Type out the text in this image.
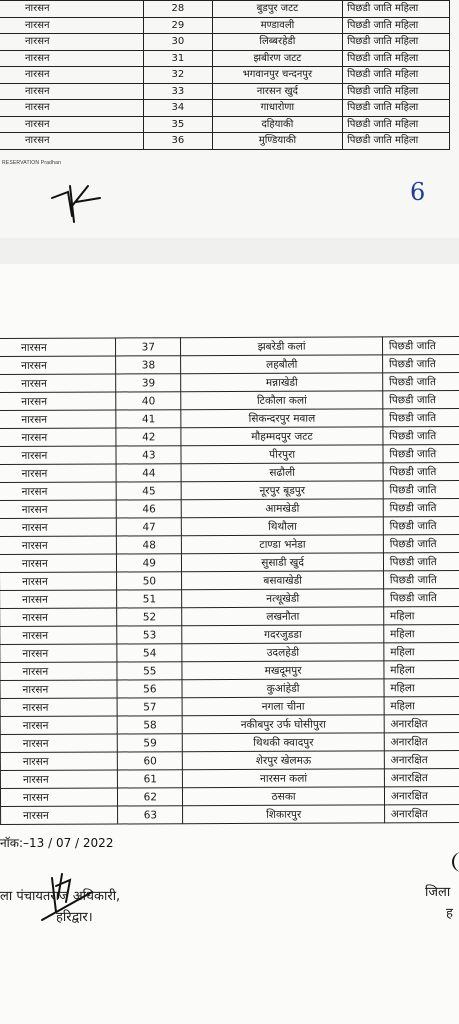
नारसन	28	बुडपुर जटट	पिछडी जाति महिला
नारसन	29	मण्डावली	पिछडी जाति महिला
नारसन	30	लिब्बरहेडी	पिछडी जाति महिला
नारसन	31	झबीरण जटट	पिछडी जाति महिला
नारसन	32	भगवानपुर चन्दनपुर	पिछडी जाति महिला
नारसन	33	नारसन खुर्द	पिछडी जाति महिला
नारसन	34	गाधारोणा	पिछडी जाति महिला
नारसन	35	दहियाकी	पिछडी जाति महिला
नारसन	36	मुण्डियाकी	पिछडी जाति महिला
RESERVATION Pradhan
6
नारसन	37	झबरेडी कलां	पिछडी जाति
नारसन	38	लहबौली	पिछडी जाति
नारसन	39	मन्नाखेडी	पिछडी जाति
नारसन	40	टिकौला कलां	पिछडी जाति
नारसन	41	सिकन्दरपुर मवाल	पिछडी जाति
नारसन	42	मौहम्मदपुर जटट	पिछडी जाति
नारसन	43	पीरपुरा	पिछडी जाति
नारसन	44	सढौली	पिछडी जाति
नारसन	45	नूरपुर बूडपुर	पिछडी जाति
नारसन	46	आमखेडी	पिछडी जाति
नारसन	47	थिथौला	पिछडी जाति
नारसन	48	टाण्डा भनेडा	पिछडी जाति
नारसन	49	सुसाडी खुर्द	पिछडी जाति
नारसन	50	बसवाखेडी	पिछडी जाति
नारसन	51	नत्थूखेडी	पिछडी जाति
नारसन	52	लखनौता	महिला
नारसन	53	गदरजुडडा	महिला
नारसन	54	उदलहेडी	महिला
नारसन	55	मखदूमपुर	महिला
नारसन	56	कुआंहेडी	महिला
नारसन	57	नगला चीना	महिला
नारसन	58	नकीबपुर उर्फ घोसीपुरा	अनारक्षित
नारसन	59	थिथकी क्वादपुर	अनारक्षित
नारसन	60	शेरपुर खेलमऊ	अनारक्षित
नारसन	61	नारसन कलां	अनारक्षित
नारसन	62	ठसका	अनारक्षित
नारसन	63	शिकारपुर	अनारक्षित
नॉक:–13 / 07 / 2022
ला पंचायतराज अधिकारी,
हरिद्वार।
जिला
ह
